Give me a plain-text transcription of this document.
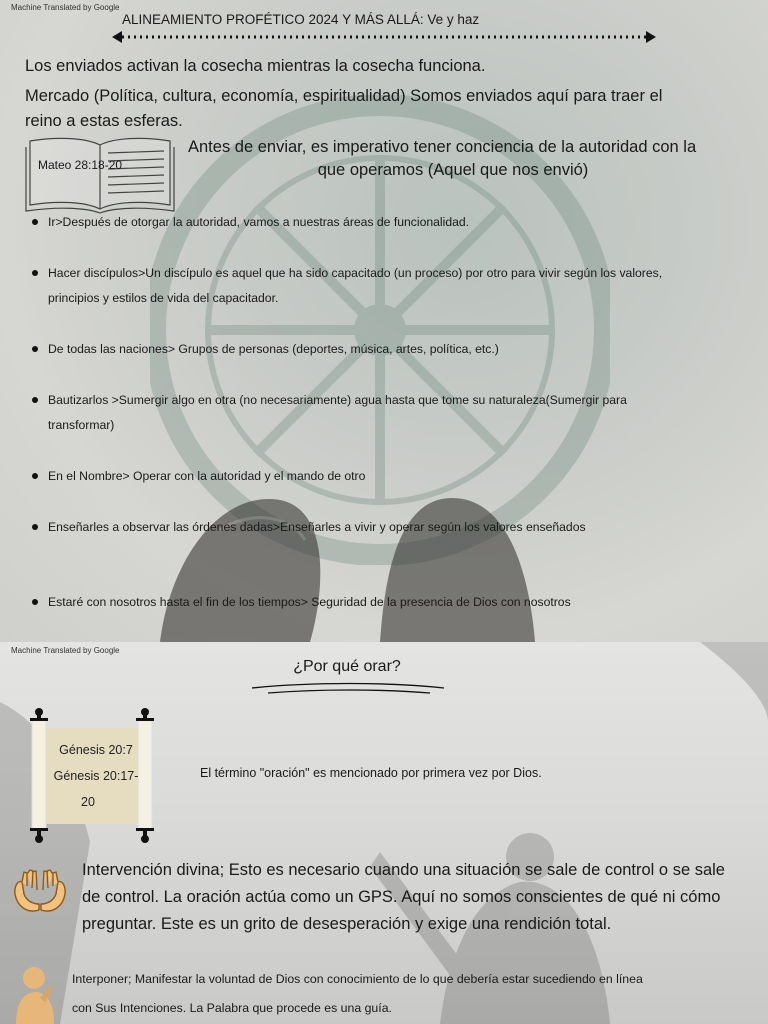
Machine Translated by Google
ALINEAMIENTO PROFÉTICO 2024 Y MÁS ALLÁ: Ve y haz
Los enviados activan la cosecha mientras la cosecha funciona.
Mercado (Política, cultura, economía, espiritualidad) Somos enviados aquí para traer el
reino a estas esferas.
Mateo 28:18-20
Antes de enviar, es imperativo tener conciencia de la autoridad con la
que operamos (Aquel que nos envió)
Ir>Después de otorgar la autoridad, vamos a nuestras áreas de funcionalidad.
Hacer discípulos>Un discípulo es aquel que ha sido capacitado (un proceso) por otro para vivir según los valores,
principios y estilos de vida del capacitador.
De todas las naciones> Grupos de personas (deportes, música, artes, política, etc.)
Bautizarlos >Sumergir algo en otra (no necesariamente) agua hasta que tome su naturaleza(Sumergir para
transformar)
En el Nombre> Operar con la autoridad y el mando de otro
Enseñarles a observar las órdenes dadas>Enseñarles a vivir y operar según los valores enseñados
Estaré con nosotros hasta el fin de los tiempos> Seguridad de la presencia de Dios con nosotros
Machine Translated by Google
¿Por qué orar?
Génesis 20:7
Génesis 20:17-
20
El término "oración" es mencionado por primera vez por Dios.
Intervención divina; Esto es necesario cuando una situación se sale de control o se sale
de control. La oración actúa como un GPS. Aquí no somos conscientes de qué ni cómo
preguntar. Este es un grito de desesperación y exige una rendición total.
Interponer; Manifestar la voluntad de Dios con conocimiento de lo que debería estar sucediendo en línea
con Sus Intenciones. La Palabra que procede es una guía.
